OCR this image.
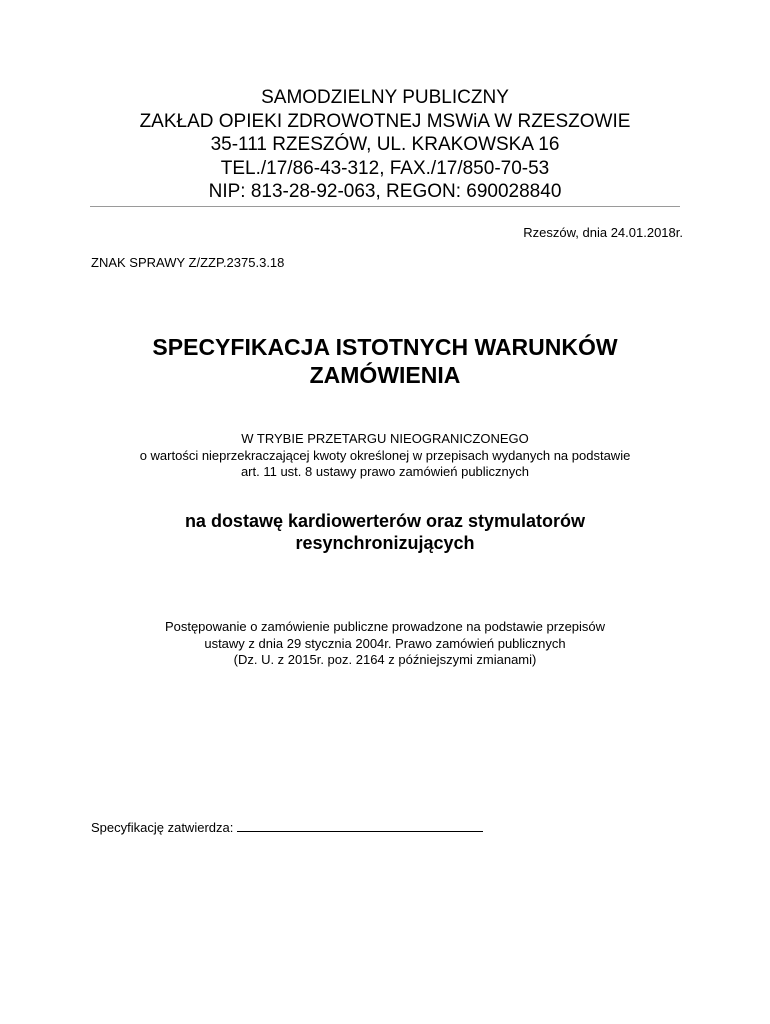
SAMODZIELNY PUBLICZNY
ZAKŁAD OPIEKI ZDROWOTNEJ MSWiA W RZESZOWIE
35-111 RZESZÓW, UL. KRAKOWSKA 16
TEL./17/86-43-312, FAX./17/850-70-53
NIP: 813-28-92-063, REGON: 690028840
Rzeszów, dnia 24.01.2018r.
ZNAK SPRAWY Z/ZZP.2375.3.18
SPECYFIKACJA ISTOTNYCH WARUNKÓW
ZAMÓWIENIA
W TRYBIE PRZETARGU NIEOGRANICZONEGO
o wartości nieprzekraczającej kwoty określonej w przepisach wydanych na podstawie
art. 11 ust. 8 ustawy prawo zamówień publicznych
na dostawę kardiowerterów oraz stymulatorów
resynchronizujących
Postępowanie o zamówienie publiczne prowadzone na podstawie przepisów
ustawy z dnia 29 stycznia 2004r. Prawo zamówień publicznych
(Dz. U. z 2015r. poz. 2164 z późniejszymi zmianami)
Specyfikację zatwierdza:
